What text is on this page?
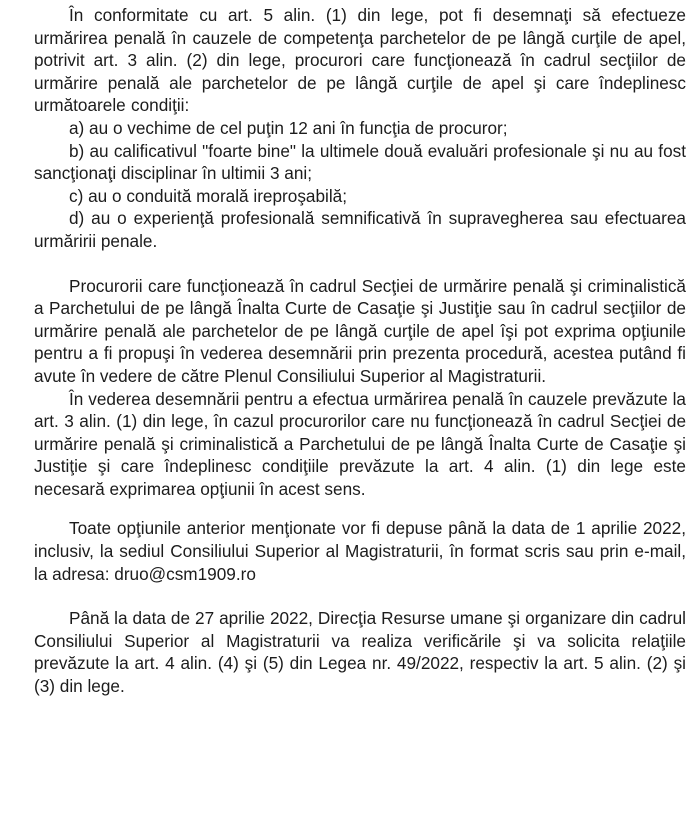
În conformitate cu art. 5 alin. (1) din lege, pot fi desemnaţi să efectueze urmărirea penală în cauzele de competenţa parchetelor de pe lângă curţile de apel, potrivit art. 3 alin. (2) din lege, procurori care funcţionează în cadrul secţiilor de urmărire penală ale parchetelor de pe lângă curţile de apel şi care îndeplinesc următoarele condiţii:

a) au o vechime de cel puţin 12 ani în funcţia de procuror;

b) au calificativul "foarte bine" la ultimele două evaluări profesionale şi nu au fost sancţionaţi disciplinar în ultimii 3 ani;

c) au o conduită morală ireproşabilă;

d) au o experienţă profesională semnificativă în supravegherea sau efectuarea urmăririi penale.

Procurorii care funcţionează în cadrul Secţiei de urmărire penală şi criminalistică a Parchetului de pe lângă Înalta Curte de Casaţie şi Justiţie sau în cadrul secţiilor de urmărire penală ale parchetelor de pe lângă curţile de apel îşi pot exprima opţiunile pentru a fi propuşi în vederea desemnării prin prezenta procedură, acestea putând fi avute în vedere de către Plenul Consiliului Superior al Magistraturii.

În vederea desemnării pentru a efectua urmărirea penală în cauzele prevăzute la art. 3 alin. (1) din lege, în cazul procurorilor care nu funcţionează în cadrul Secţiei de urmărire penală şi criminalistică a Parchetului de pe lângă Înalta Curte de Casaţie şi Justiţie şi care îndeplinesc condiţiile prevăzute la art. 4 alin. (1) din lege este necesară exprimarea opţiunii în acest sens.

Toate opţiunile anterior menţionate vor fi depuse până la data de 1 aprilie 2022, inclusiv, la sediul Consiliului Superior al Magistraturii, în format scris sau prin e-mail, la adresa: druo@csm1909.ro

Până la data de 27 aprilie 2022, Direcţia Resurse umane şi organizare din cadrul Consiliului Superior al Magistraturii va realiza verificările şi va solicita relaţiile prevăzute la art. 4 alin. (4) şi (5) din Legea nr. 49/2022, respectiv la art. 5 alin. (2) şi (3) din lege.
